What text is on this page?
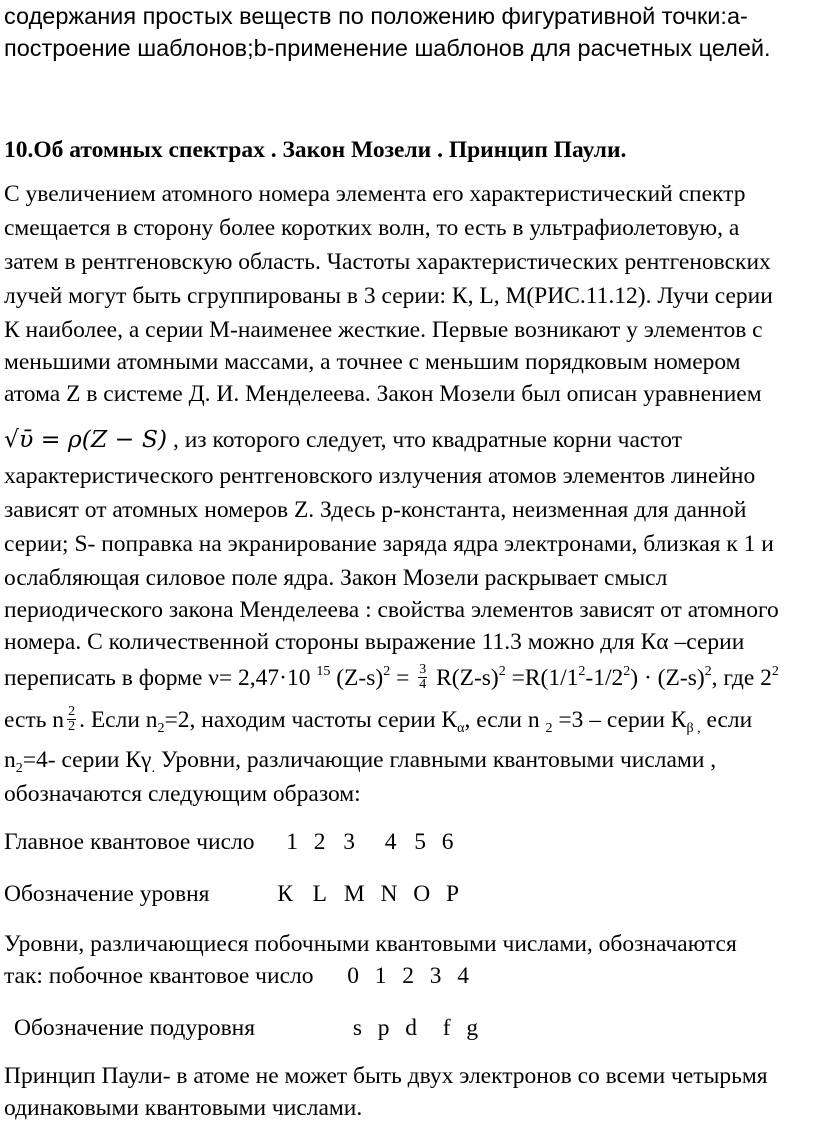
содержания простых веществ по положению фигуративной точки:a-
построение шаблонов;b-применение шаблонов для расчетных целей.
10.Об атомных спектрах . Закон Мозели . Принцип Паули.
С увеличением атомного номера элемента его характеристический спектр
смещается в сторону более коротких волн, то есть в ультрафиолетовую, а
затем в рентгеновскую область. Частоты характеристических рентгеновских
лучей могут быть сгруппированы в 3 серии: К, L, М(РИС.11.12). Лучи серии
К наиболее, а серии М-наименее жесткие. Первые возникают у элементов с
меньшими атомными массами, а точнее с меньшим порядковым номером
атома Z в системе Д. И. Менделеева. Закон Мозели был описан уравнением
√ῡ = ρ(Z − S) , из которого следует, что квадратные корни частот
характеристического рентгеновского излучения атомов элементов линейно
зависят от атомных номеров Z. Здесь р-константа, неизменная для данной
серии; S- поправка на экранирование заряда ядра электронами, близкая к 1 и
ослабляющая силовое поле ядра. Закон Мозели раскрывает смысл
периодического закона Менделеева : свойства элементов зависят от атомного
номера. С количественной стороны выражение 11.3 можно для Кα –серии
переписать в форме ν= 2,47·10 $^{15}$ $(Z-s)^2 = \frac{3}{4} R(Z-s)^2 =R(1/1^2-1/2^2) \cdot (Z-s)^2$, где $2^2$
есть n $\frac{2}{2}$ . Если $n_2=2$, находим частоты серии $К_\alpha$, если n $_2$ =3 – серии $К_{\beta ,}$ если
$n_2=4-$ серии $К\gamma_.$ Уровни, различающие главными квантовыми числами ,
обозначаются следующим образом:
Главное квантовое число 1 2 3 4 5 6
Обозначение уровня	К L M N O P
Уровни, различающиеся побочными квантовыми числами, обозначаются
так: побочное квантовое число 0 1 2 3 4
Обозначение подуровня	s p d f g
Принцип Паули- в атоме не может быть двух электронов со всеми четырьмя
одинаковыми квантовыми числами.
